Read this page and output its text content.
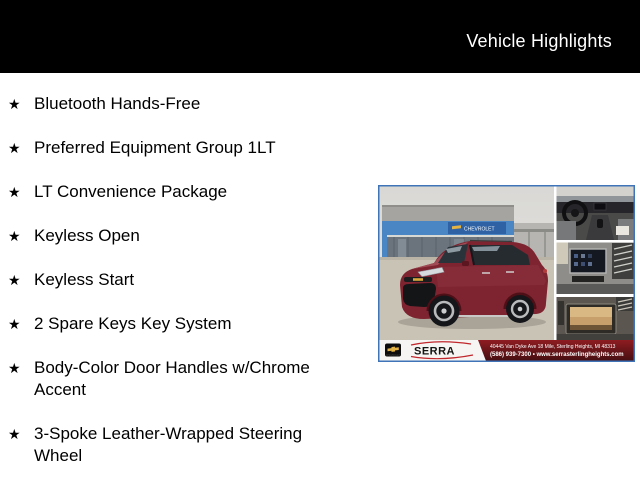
Vehicle Highlights
★ Bluetooth Hands-Free
★ Preferred Equipment Group 1LT
★ LT Convenience Package
★ Keyless Open
★ Keyless Start
★ 2 Spare Keys Key System
★ Body-Color Door Handles w/Chrome Accent
★ 3-Spoke Leather-Wrapped Steering Wheel
CHEVROLET
CHEVROLET SERRA	40445 Van Dyke Ave 18 Mile, Sterling Heights, MI 48313
(586) 939-7300 • www.serrasterlingheights.com
